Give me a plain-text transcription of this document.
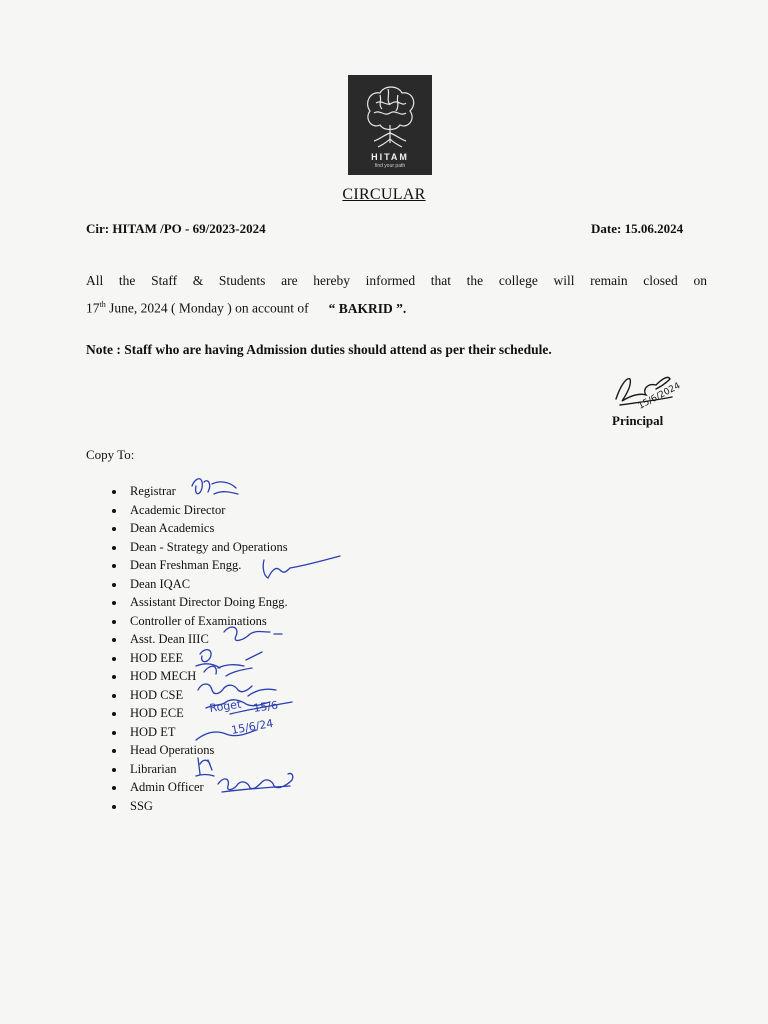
HITAM
find your path
CIRCULAR
Cir: HITAM /PO - 69/2023-2024	Date: 15.06.2024
All the Staff & Students are hereby informed that the college will remain closed on
17th June, 2024 ( Monday ) on account of “ BAKRID ”.
Note : Staff who are having Admission duties should attend as per their schedule.
15/6/2024
Principal
Copy To:
Registrar
Academic Director
Dean Academics
Dean - Strategy and Operations
Dean Freshman Engg.
Dean IQAC
Assistant Director Doing Engg.
Controller of Examinations
Asst. Dean IIIC
HOD EEE
HOD MECH
HOD CSE
HOD ECE
HOD ET
Head Operations
Librarian
Admin Officer
SSG
Roget 15/6
15/6/24
